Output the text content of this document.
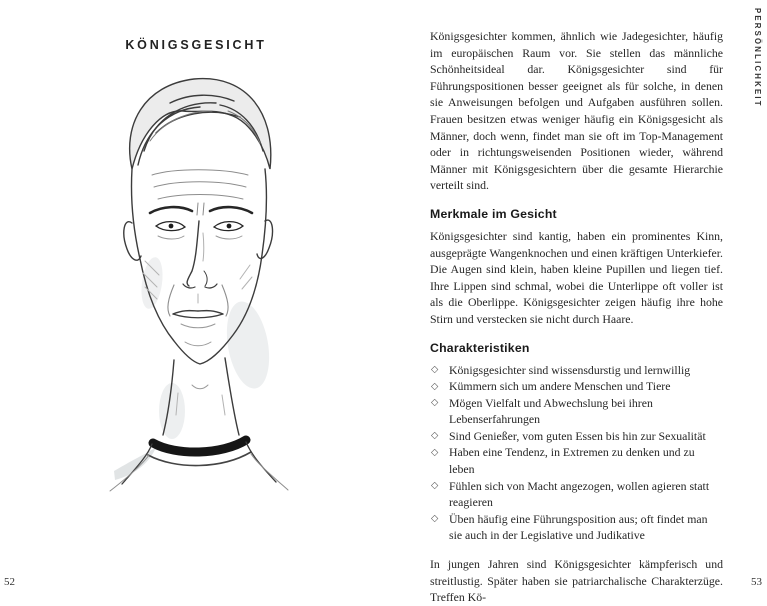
KÖNIGSGESICHT

Königsgesichter kommen, ähnlich wie Jadegesichter, häufig im europäischen Raum vor. Sie stellen das männliche Schönheitsideal dar. Königsgesichter sind für Führungspositionen besser geeignet als für solche, in denen sie Anweisungen befolgen und Aufgaben ausführen sollen. Frauen besitzen etwas weniger häufig ein Königsgesicht als Männer, doch wenn, findet man sie oft im Top-Management oder in richtungsweisenden Positionen wieder, während Männer mit Königsgesichtern über die gesamte Hierarchie verteilt sind.

Merkmale im Gesicht

Königsgesichter sind kantig, haben ein prominentes Kinn, ausgeprägte Wangenknochen und einen kräftigen Unterkiefer. Die Augen sind klein, haben kleine Pupillen und liegen tief. Ihre Lippen sind schmal, wobei die Unterlippe oft voller ist als die Oberlippe. Königsgesichter zeigen häufig ihre hohe Stirn und verstecken sie nicht durch Haare.

Charakteristiken
◇ Königsgesichter sind wissensdurstig und lernwillig
◇ Kümmern sich um andere Menschen und Tiere
◇ Mögen Vielfalt und Abwechslung bei ihren Lebenserfahrungen
◇ Sind Genießer, vom guten Essen bis hin zur Sexualität
◇ Haben eine Tendenz, in Extremen zu denken und zu leben
◇ Fühlen sich von Macht angezogen, wollen agieren statt reagieren
◇ Üben häufig eine Führungsposition aus; oft findet man sie auch in der Legislative und Judikative

In jungen Jahren sind Königsgesichter kämpferisch und streitlustig. Später haben sie patriarchalische Charakterzüge. Treffen Kö-

PERSÖNLICHKEIT
52	53
